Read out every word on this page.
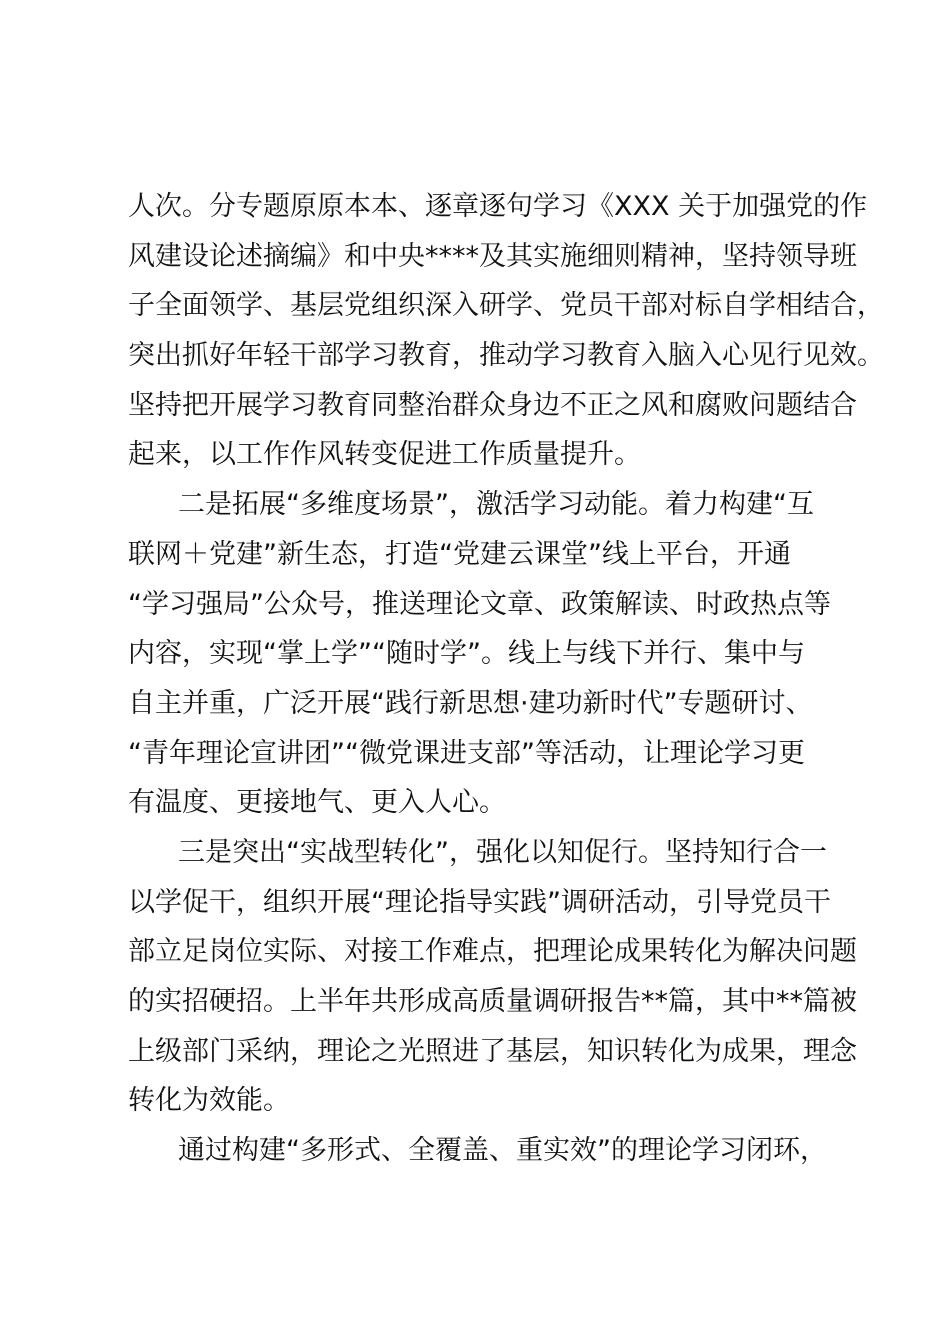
人次。分专题原原本本、逐章逐句学习《XXX 关于加强党的作

风建设论述摘编》和中央****及其实施细则精神，坚持领导班

子全面领学、基层党组织深入研学、党员干部对标自学相结合，

突出抓好年轻干部学习教育，推动学习教育入脑入心见行见效。

坚持把开展学习教育同整治群众身边不正之风和腐败问题结合

起来，以工作作风转变促进工作质量提升。

二是拓展“多维度场景”，激活学习动能。着力构建“互

联网＋党建”新生态，打造“党建云课堂”线上平台，开通

“学习强局”公众号，推送理论文章、政策解读、时政热点等

内容，实现“掌上学”“随时学”。线上与线下并行、集中与

自主并重，广泛开展“践行新思想·建功新时代”专题研讨、

“青年理论宣讲团”“微党课进支部”等活动，让理论学习更

有温度、更接地气、更入人心。

三是突出“实战型转化”，强化以知促行。坚持知行合一

以学促干，组织开展“理论指导实践”调研活动，引导党员干

部立足岗位实际、对接工作难点，把理论成果转化为解决问题

的实招硬招。上半年共形成高质量调研报告**篇，其中**篇被

上级部门采纳，理论之光照进了基层，知识转化为成果，理念

转化为效能。

通过构建“多形式、全覆盖、重实效”的理论学习闭环，
